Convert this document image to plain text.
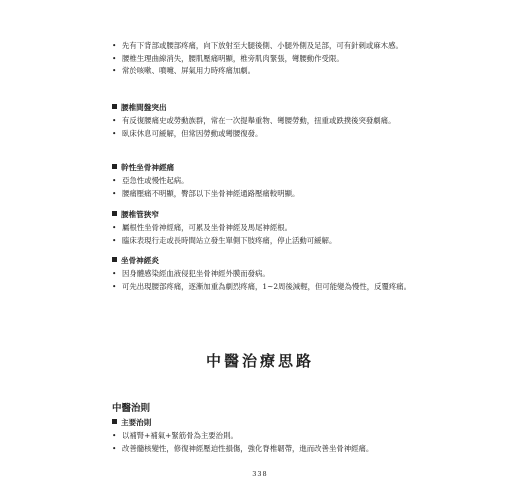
• 先有下背部或腰部疼痛，向下放射至大腿後側、小腿外側及足部，可有針刺或麻木感。
• 腰椎生理曲線消失，腰肌壓痛明顯，椎旁肌肉緊張，彎腰動作受限。
• 常於咳嗽、噴嚏、屏氣用力時疼痛加劇。
腰椎間盤突出
• 有反復腰痛史或勞動族群，常在一次提舉重物、彎腰勞動，扭重或跌撲後突發劇痛。
• 臥床休息可緩解，但常因勞動或彎腰復發。
幹性坐骨神經痛
• 亞急性或慢性起病。
• 腰痛壓痛不明顯，臀部以下坐骨神經通路壓痛較明顯。
腰椎管狹窄
• 屬根性坐骨神經痛，可累及坐骨神經及馬尾神經根。
• 臨床表現行走或長時間站立發生單側下肢疼痛，停止活動可緩解。
坐骨神經炎
• 因身體感染經血液侵犯坐骨神經外膜而發病。
• 可先出現腰部疼痛，逐漸加重為劇烈疼痛，1~2周後減輕，但可能變為慢性，反覆疼痛。
中醫治療思路
中醫治則
主要治則
• 以補腎+補氣+緊筋骨為主要治則。
• 改善髓核變性，修復神經壓迫性損傷，強化脊椎韌帶，進而改善坐骨神經痛。
338
